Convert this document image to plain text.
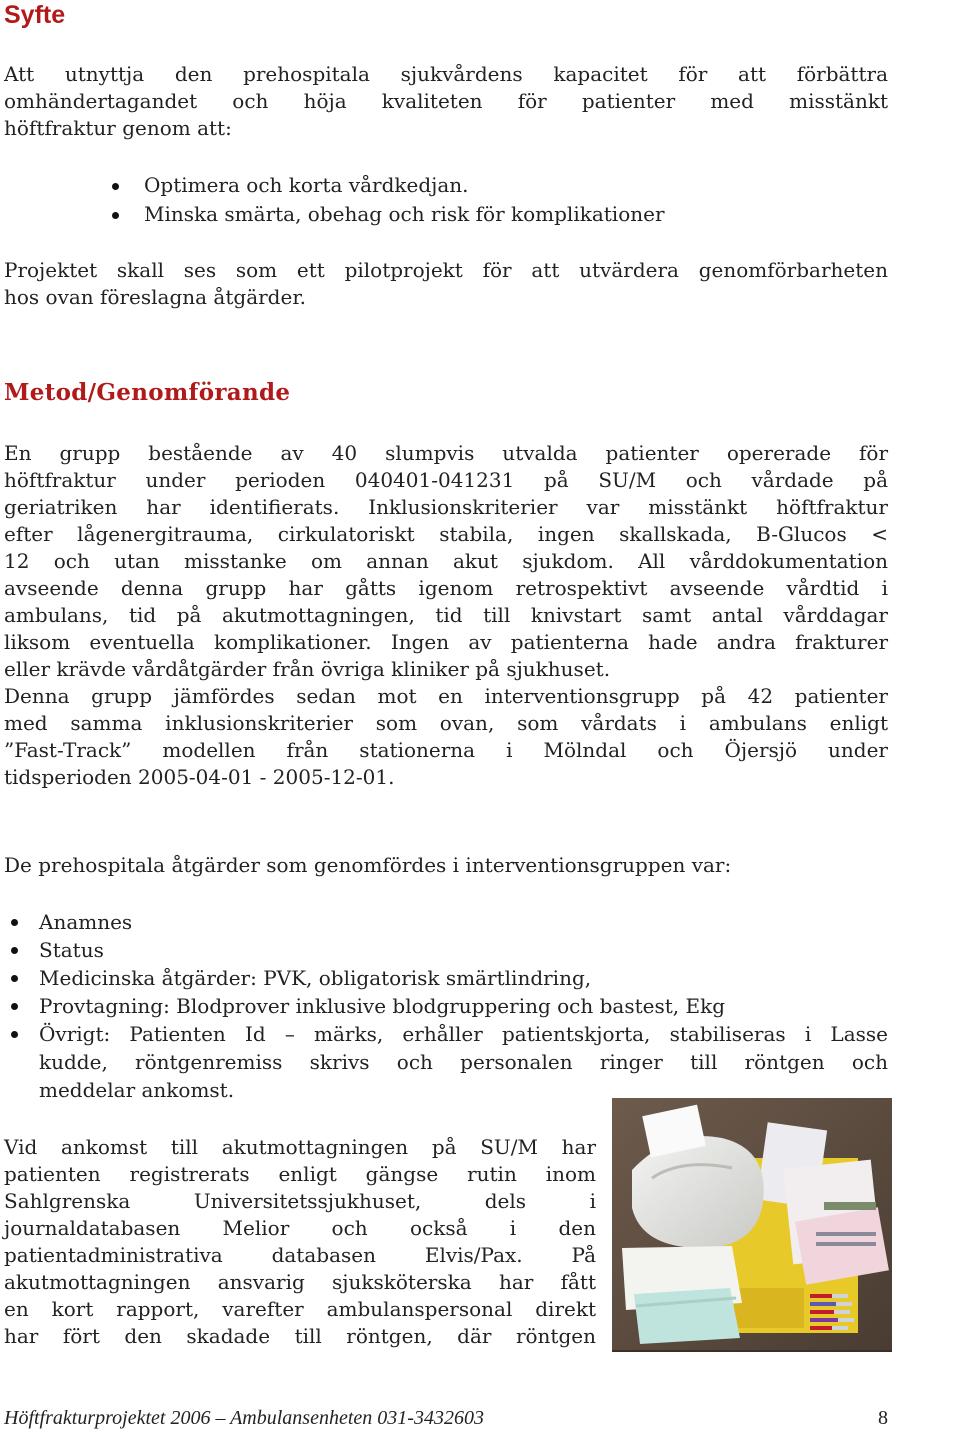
Syfte
Att utnyttja den prehospitala sjukvårdens kapacitet för att förbättra
omhändertagandet och höja kvaliteten för patienter med misstänkt
höftfraktur genom att:
Optimera och korta vårdkedjan.
Minska smärta, obehag och risk för komplikationer
Projektet skall ses som ett pilotprojekt för att utvärdera genomförbarheten
hos ovan föreslagna åtgärder.
Metod/Genomförande
En grupp bestående av 40 slumpvis utvalda patienter opererade för
höftfraktur under perioden 040401-041231 på SU/M och vårdade på
geriatriken har identifierats. Inklusionskriterier var misstänkt höftfraktur
efter lågenergitrauma, cirkulatoriskt stabila, ingen skallskada, B-Glucos <
12 och utan misstanke om annan akut sjukdom. All vårddokumentation
avseende denna grupp har gåtts igenom retrospektivt avseende vårdtid i
ambulans, tid på akutmottagningen, tid till knivstart samt antal vårddagar
liksom eventuella komplikationer. Ingen av patienterna hade andra frakturer
eller krävde vårdåtgärder från övriga kliniker på sjukhuset.
Denna grupp jämfördes sedan mot en interventionsgrupp på 42 patienter
med samma inklusionskriterier som ovan, som vårdats i ambulans enligt
”Fast-Track” modellen från stationerna i Mölndal och Öjersjö under
tidsperioden 2005-04-01 - 2005-12-01.
De prehospitala åtgärder som genomfördes i interventionsgruppen var:
Anamnes
Status
Medicinska åtgärder: PVK, obligatorisk smärtlindring,
Provtagning: Blodprover inklusive blodgruppering och bastest, Ekg
Övrigt: Patienten Id – märks, erhåller patientskjorta, stabiliseras i Lasse
kudde, röntgenremiss skrivs och personalen ringer till röntgen och
meddelar ankomst.
Vid ankomst till akutmottagningen på SU/M har
patienten registrerats enligt gängse rutin inom
Sahlgrenska Universitetssjukhuset, dels i
journaldatabasen Melior och också i den
patientadministrativa databasen Elvis/Pax. På
akutmottagningen ansvarig sjuksköterska har fått
en kort rapport, varefter ambulanspersonal direkt
har fört den skadade till röntgen, där röntgen
Höftfrakturprojektet 2006 – Ambulansenheten 031-3432603	8
